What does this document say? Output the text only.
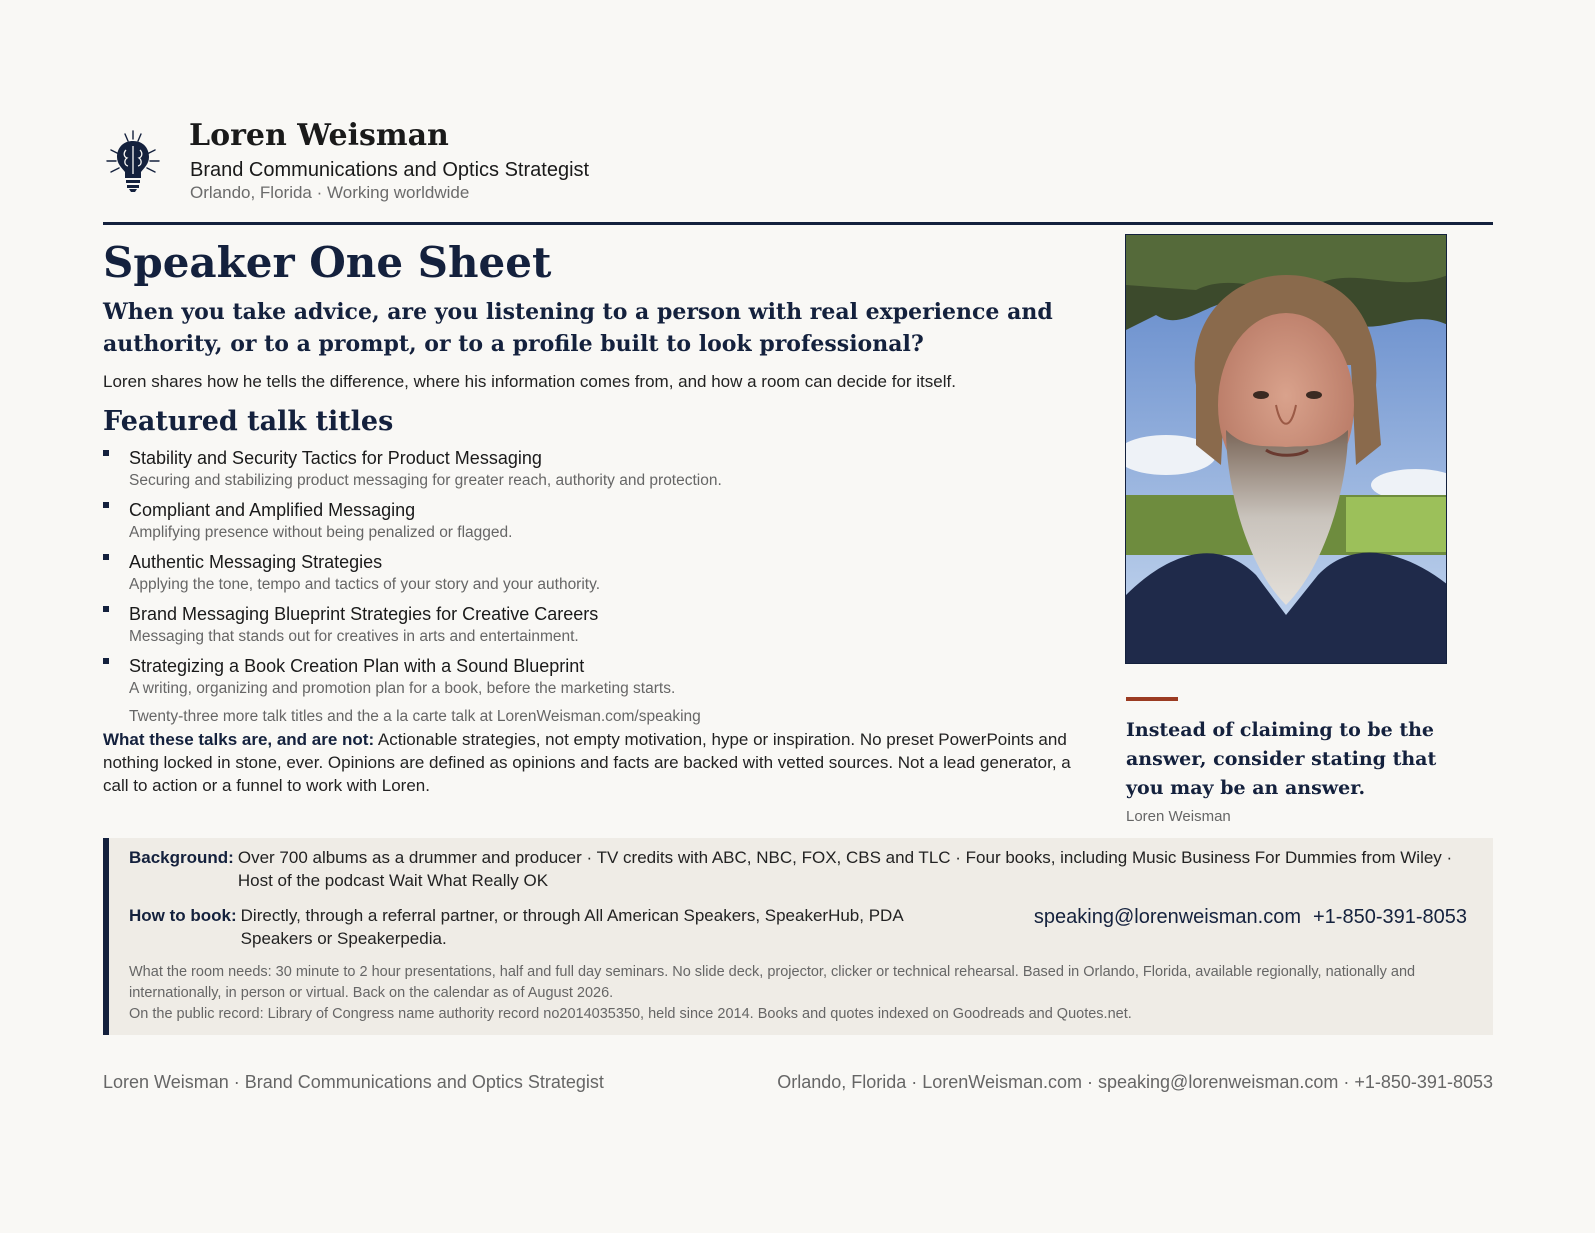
Loren Weisman
Brand Communications and Optics Strategist
Orlando, Florida · Working worldwide
Speaker One Sheet
When you take advice, are you listening to a person with real experience and authority, or to a prompt, or to a profile built to look professional?
Loren shares how he tells the difference, where his information comes from, and how a room can decide for itself.
Featured talk titles
Stability and Security Tactics for Product Messaging
Securing and stabilizing product messaging for greater reach, authority and protection.
Compliant and Amplified Messaging
Amplifying presence without being penalized or flagged.
Authentic Messaging Strategies
Applying the tone, tempo and tactics of your story and your authority.
Brand Messaging Blueprint Strategies for Creative Careers
Messaging that stands out for creatives in arts and entertainment.
Strategizing a Book Creation Plan with a Sound Blueprint
A writing, organizing and promotion plan for a book, before the marketing starts.
Twenty-three more talk titles and the a la carte talk at LorenWeisman.com/speaking
What these talks are, and are not: Actionable strategies, not empty motivation, hype or inspiration. No preset PowerPoints and nothing locked in stone, ever. Opinions are defined as opinions and facts are backed with vetted sources. Not a lead generator, a call to action or a funnel to work with Loren.
Instead of claiming to be the answer, consider stating that you may be an answer.
Loren Weisman
Background: Over 700 albums as a drummer and producer · TV credits with ABC, NBC, FOX, CBS and TLC · Four books, including Music Business For Dummies from Wiley · Host of the podcast Wait What Really OK
How to book: Directly, through a referral partner, or through All American Speakers, SpeakerHub, PDA Speakers or Speakerpedia.
speaking@lorenweisman.com +1-850-391-8053
What the room needs: 30 minute to 2 hour presentations, half and full day seminars. No slide deck, projector, clicker or technical rehearsal. Based in Orlando, Florida, available regionally, nationally and internationally, in person or virtual. Back on the calendar as of August 2026.
On the public record: Library of Congress name authority record no2014035350, held since 2014. Books and quotes indexed on Goodreads and Quotes.net.
Loren Weisman · Brand Communications and Optics Strategist	Orlando, Florida · LorenWeisman.com · speaking@lorenweisman.com · +1-850-391-8053
